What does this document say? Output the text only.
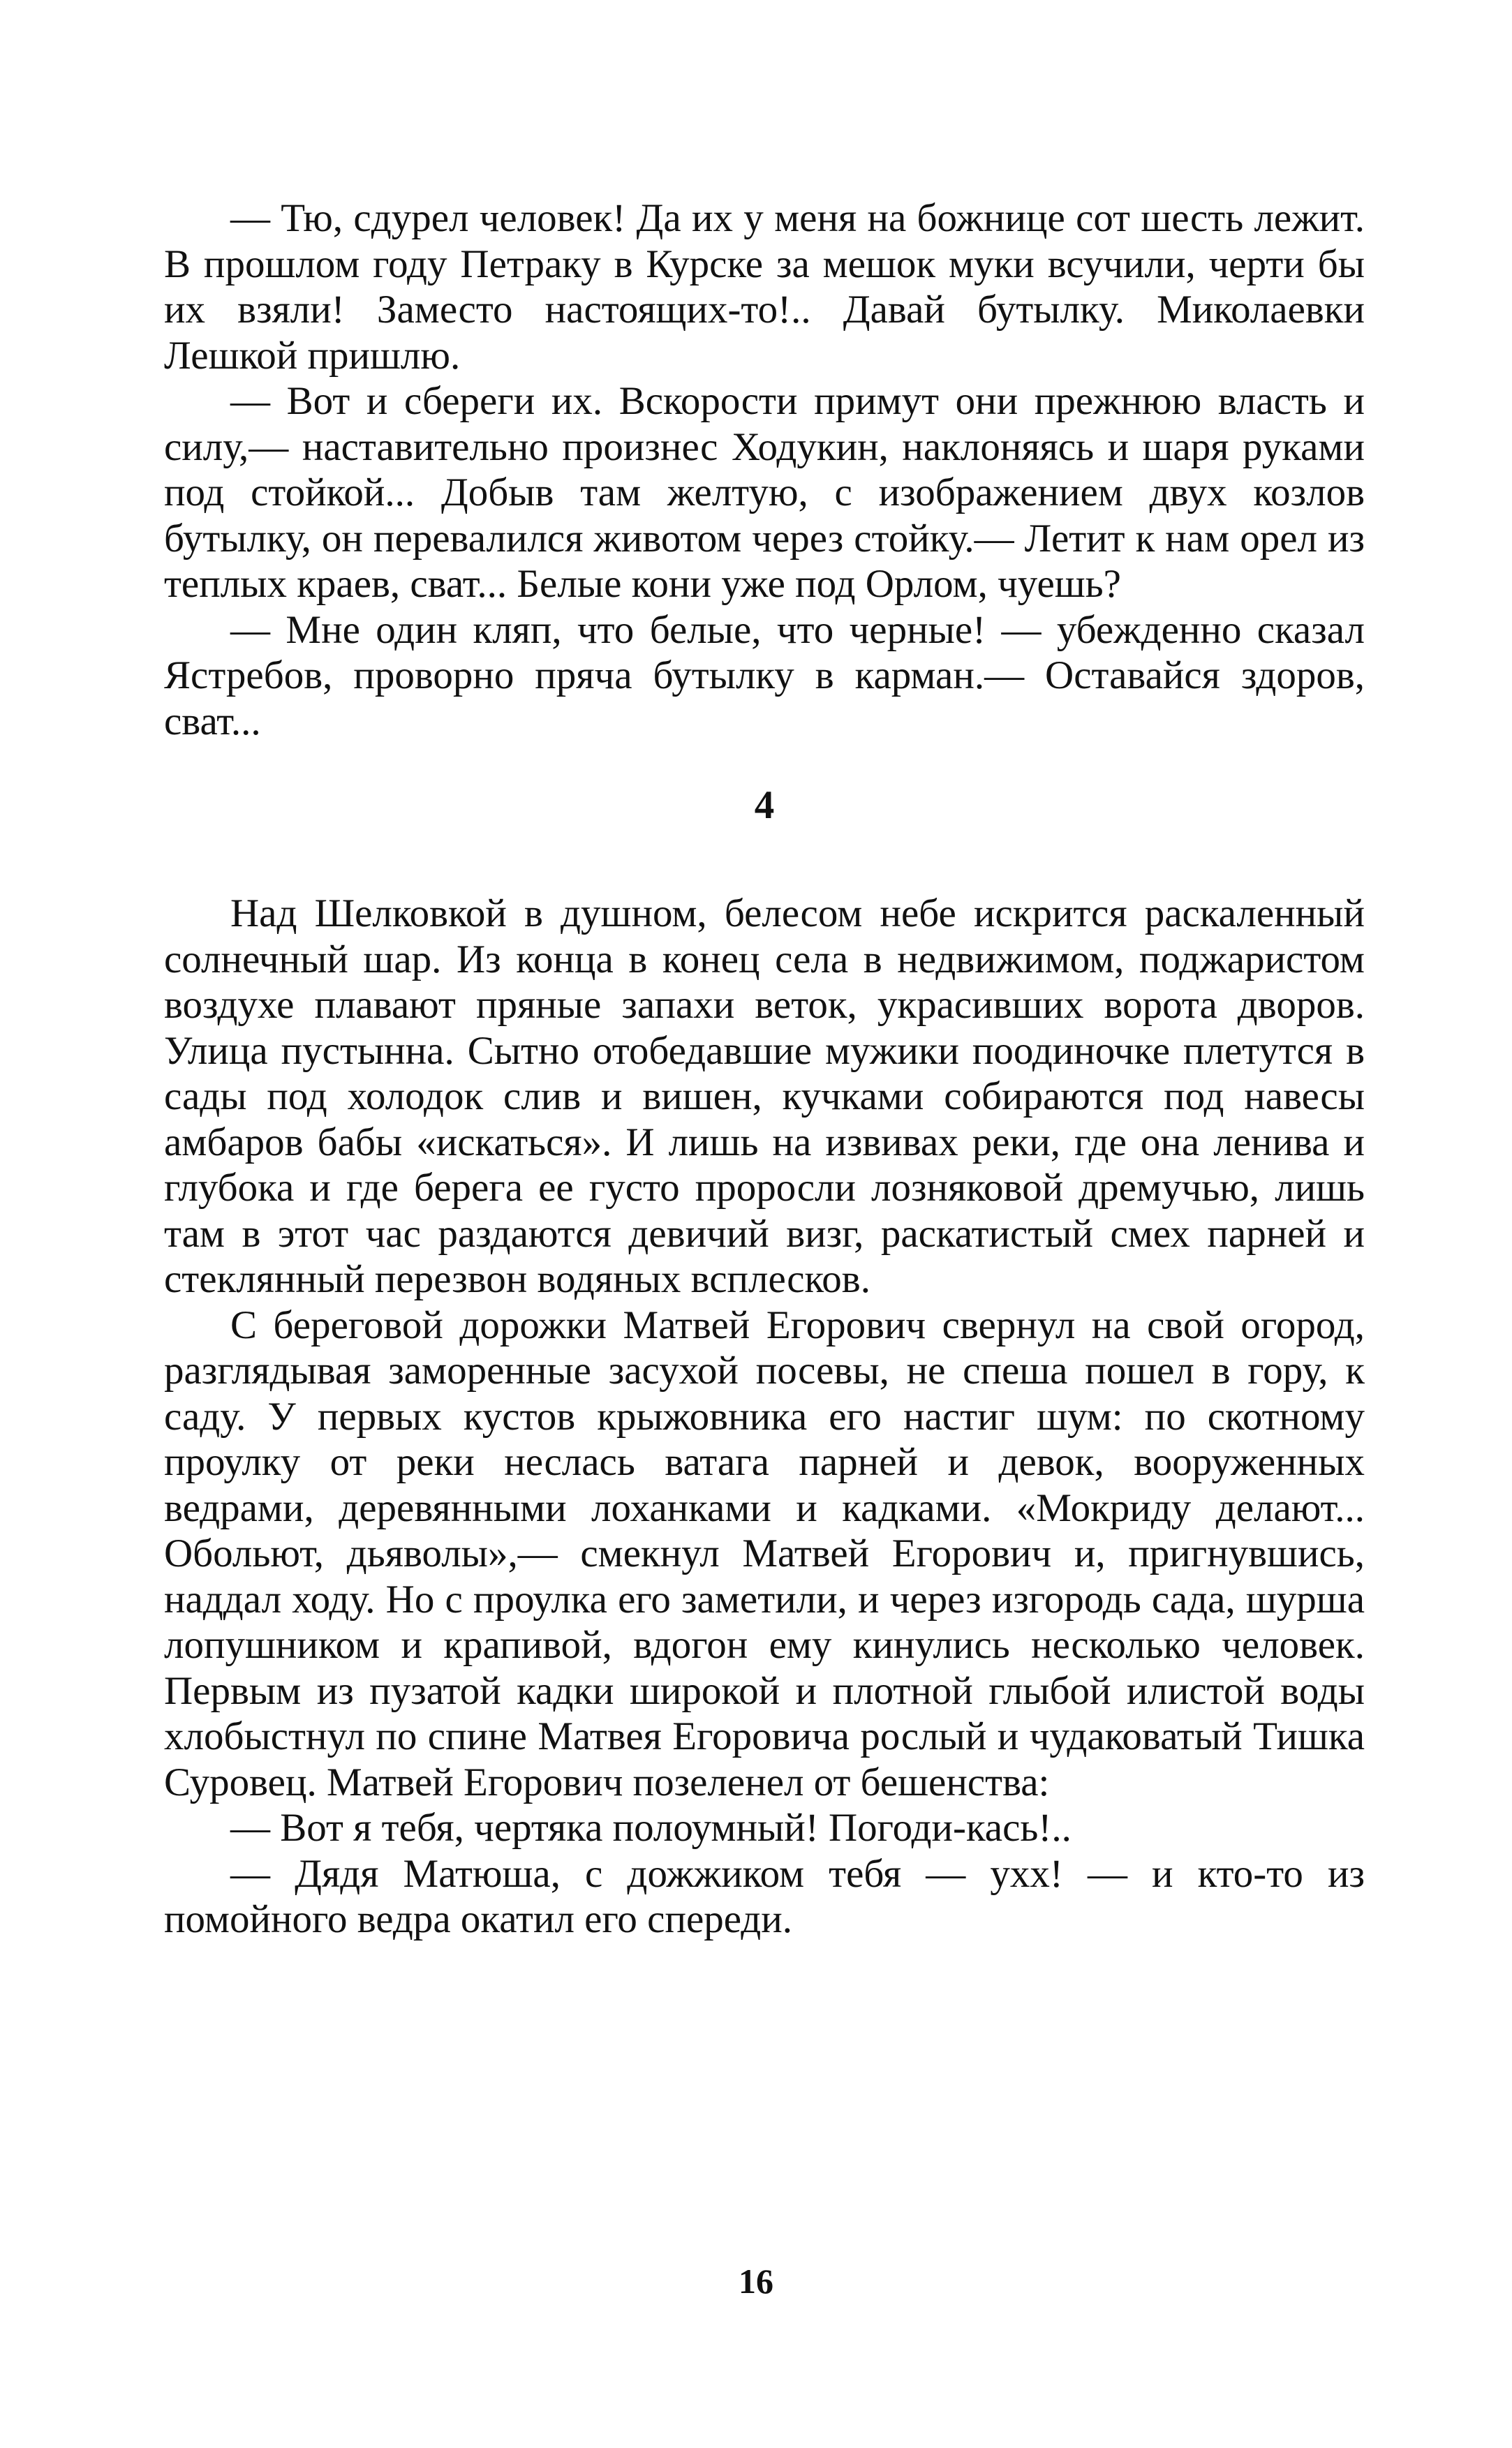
— Тю, сдурел человек! Да их у меня на божнице сот шесть лежит. В прошлом году Петраку в Курске за мешок муки всучили, черти бы их взяли! Заместо настоящих-то!.. Давай бутылку. Миколаевки Лешкой пришлю.

— Вот и сбереги их. Вскорости примут они прежнюю власть и силу,— наставительно произнес Ходукин, наклоняясь и шаря руками под стойкой... Добыв там желтую, с изображением двух козлов бутылку, он перевалился животом через стойку.— Летит к нам орел из теплых краев, сват... Белые кони уже под Орлом, чуешь?

— Мне один кляп, что белые, что черные! — убежденно сказал Ястребов, проворно пряча бутылку в карман.— Оставайся здоров, сват...

4

Над Шелковкой в душном, белесом небе искрится раскаленный солнечный шар. Из конца в конец села в недвижимом, поджаристом воздухе плавают пряные запахи веток, украсивших ворота дворов. Улица пустынна. Сытно отобедавшие мужики поодиночке плетутся в сады под холодок слив и вишен, кучками собираются под навесы амбаров бабы «искаться». И лишь на извивах реки, где она ленива и глубока и где берега ее густо проросли лозняковой дремучью, лишь там в этот час раздаются девичий визг, раскатистый смех парней и стеклянный перезвон водяных всплесков.

С береговой дорожки Матвей Егорович свернул на свой огород, разглядывая заморенные засухой посевы, не спеша пошел в гору, к саду. У первых кустов крыжовника его настиг шум: по скотному проулку от реки неслась ватага парней и девок, вооруженных ведрами, деревянными лоханками и кадками. «Мокриду делают... Обольют, дьяволы»,— смекнул Матвей Егорович и, пригнувшись, наддал ходу. Но с проулка его заметили, и через изгородь сада, шурша лопушником и крапивой, вдогон ему кинулись несколько человек. Первым из пузатой кадки широкой и плотной глыбой илистой воды хлобыстнул по спине Матвея Егоровича рослый и чудаковатый Тишка Суровец. Матвей Егорович позеленел от бешенства:

— Вот я тебя, чертяка полоумный! Погоди-кась!..

— Дядя Матюша, с дожжиком тебя — ухх! — и кто-то из помойного ведра окатил его спереди.

16
